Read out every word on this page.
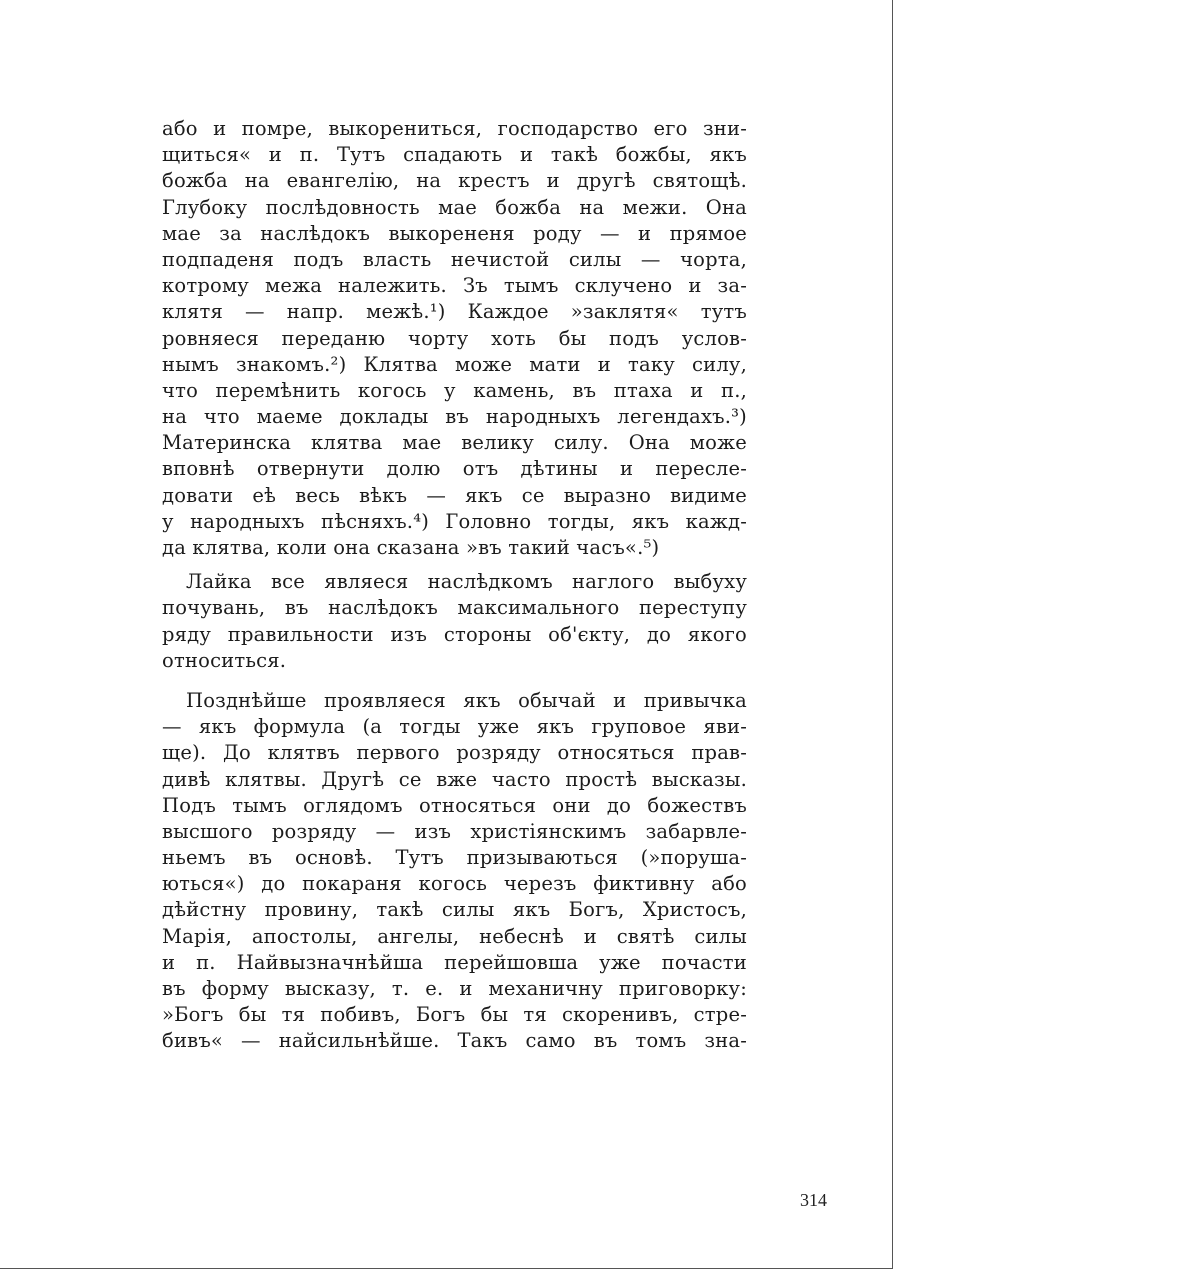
або и помре, выкорениться, господарство его зни-
щиться« и п. Тутъ спадають и такѣ божбы, якъ
божба на евангелію, на крестъ и другѣ святощѣ.
Глубоку послѣдовность мае божба на межи. Она
мае за наслѣдокъ выкорененя роду — и прямое
подпаденя подъ власть нечистой силы — чорта,
котрому межа належить. Зъ тымъ склучено и за-
клятя — напр. межѣ.¹) Каждое »заклятя« тутъ
ровняеся переданю чорту хоть бы подъ услов-
нымъ знакомъ.²) Клятва може мати и таку силу,
что перемѣнить когось у камень, въ птаха и п.,
на что маеме доклады въ народныхъ легендахъ.³)
Материнска клятва мае велику силу. Она може
вповнѣ отвернути долю отъ дѣтины и пересле-
довати еѣ весь вѣкъ — якъ се выразно видиме
у народныхъ пѣсняхъ.⁴) Головно тогды, якъ кажд-
да клятва, коли она сказана »въ такий часъ«.⁵)
Лайка все являеся наслѣдкомъ наглого выбуху
почувань, въ наслѣдокъ максимального переступу
ряду правильности изъ стороны об'єкту, до якого
относиться.
Позднѣйше проявляеся якъ обычай и привычка
— якъ формула (а тогды уже якъ груповое яви-
ще). До клятвъ первого розряду относяться прав-
дивѣ клятвы. Другѣ се вже часто простѣ высказы.
Подъ тымъ оглядомъ относяться они до божествъ
высшого розряду — изъ христіянскимъ забарвле-
ньемъ въ основѣ. Тутъ призываються (»поруша-
ються«) до покараня когось черезъ фиктивну або
дѣйстну провину, такѣ силы якъ Богъ, Христосъ,
Марія, апостолы, ангелы, небеснѣ и святѣ силы
и п. Найвызначнѣйша перейшовша уже почасти
въ форму высказу, т. е. и механичну приговорку:
»Богъ бы тя побивъ, Богъ бы тя скоренивъ, стре-
бивъ« — найсильнѣйше. Такъ само въ томъ зна-
314
